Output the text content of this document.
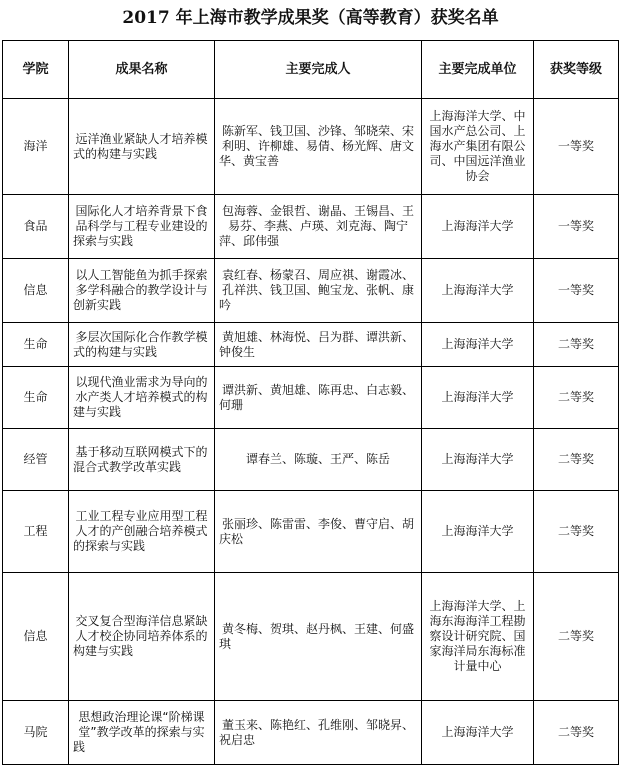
2017 年上海市教学成果奖（高等教育）获奖名单
学院	成果名称	主要完成人	主要完成单位	获奖等级
海洋	远洋渔业紧缺人才培养模式的构建与实践	陈新军、钱卫国、沙锋、邹晓荣、宋利明、许柳雄、易倩、杨光辉、唐文华、黄宝善	上海海洋大学、中国水产总公司、上海水产集团有限公司、中国远洋渔业协会	一等奖
食品	国际化人才培养背景下食品科学与工程专业建设的探索与实践	包海蓉、金银哲、谢晶、王锡昌、王易芬、李燕、卢瑛、刘克海、陶宁萍、邱伟强	上海海洋大学	一等奖
信息	以人工智能鱼为抓手探索多学科融合的教学设计与创新实践	袁红春、杨蒙召、周应祺、谢霞冰、孔祥洪、钱卫国、鲍宝龙、张帆、康吟	上海海洋大学	一等奖
生命	多层次国际化合作教学模式的构建与实践	黄旭雄、林海悦、吕为群、谭洪新、钟俊生	上海海洋大学	二等奖
生命	以现代渔业需求为导向的水产类人才培养模式的构建与实践	谭洪新、黄旭雄、陈再忠、白志毅、何珊	上海海洋大学	二等奖
经管	基于移动互联网模式下的混合式教学改革实践	谭春兰、陈璇、王严、陈岳	上海海洋大学	二等奖
工程	工业工程专业应用型工程人才的产创融合培养模式的探索与实践	张丽珍、陈雷雷、李俊、曹守启、胡庆松	上海海洋大学	二等奖
信息	交叉复合型海洋信息紧缺人才校企协同培养体系的构建与实践	黄冬梅、贺琪、赵丹枫、王建、何盛琪	上海海洋大学、上海东海海洋工程勘察设计研究院、国家海洋局东海标准计量中心	二等奖
马院	思想政治理论课“阶梯课堂”教学改革的探索与实践	董玉来、陈艳红、孔维刚、邹晓昇、祝启忠	上海海洋大学	二等奖
